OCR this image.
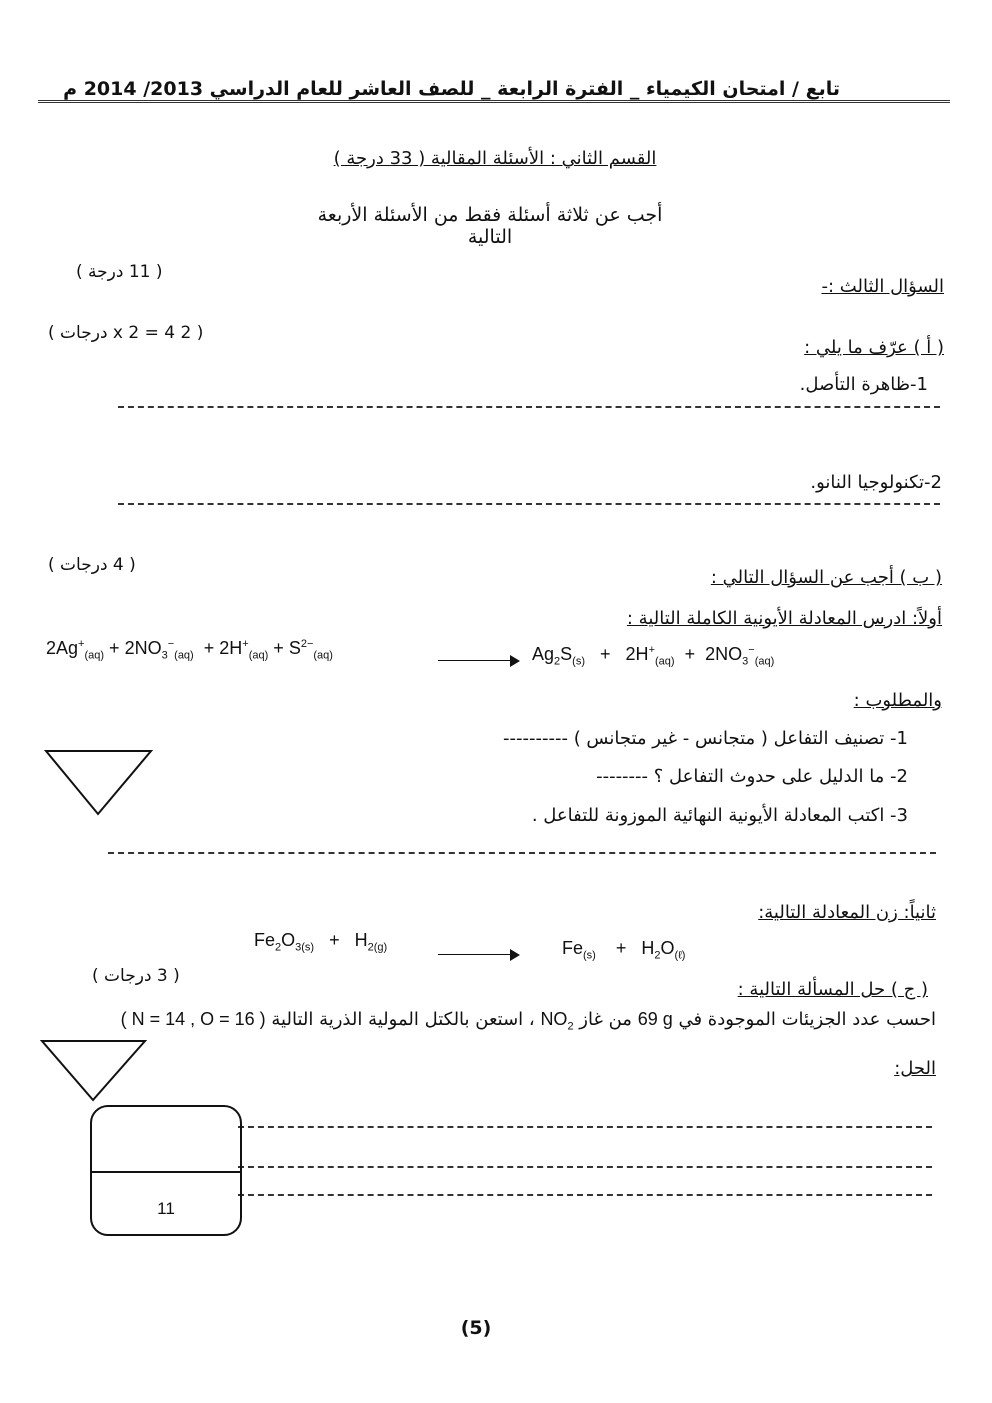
تابع / امتحان الكيمياء _ الفترة الرابعة _ للصف العاشر للعام الدراسي 2013/ 2014 م
القسم الثاني : الأسئلة المقالية ( 33 درجة )
أجب عن ثلاثة أسئلة فقط من الأسئلة الأربعة التالية
السؤال الثالث :-
( 11 درجة )
( أ ) عرّف ما يلي :
( 2 x 2 = 4 درجات )
1-ظاهرة التأصل.
2-تكنولوجيا النانو.
( ب ) أجب عن السؤال التالي :
( 4 درجات )
أولاً: ادرس المعادلة الأيونية الكاملة التالية :
$2Ag^+_{(aq)} + 2NO_3^-_{(aq)} + 2H^+_{(aq)} + S^{2-}_{(aq)}$	$Ag_2S_{(s)} + 2H^+_{(aq)} + 2NO_3^-_{(aq)}$
والمطلوب :
1- تصنيف التفاعل ( متجانس - غير متجانس ) ----------
2- ما الدليل على حدوث التفاعل ؟ --------
3- اكتب المعادلة الأيونية النهائية الموزونة للتفاعل .
ثانياً: زن المعادلة التالية:
$Fe_2O_{3(s)} + H_{2(g)}$	$Fe_{(s)} + H_2O_{(\ell)}$
( ج ) حل المسألة التالية :
( 3 درجات )
احسب عدد الجزيئات الموجودة في 69 g من غاز $NO_2$ ، استعن بالكتل المولية الذرية التالية ( N = 14 , O = 16 )
الحل:
11
(5)
